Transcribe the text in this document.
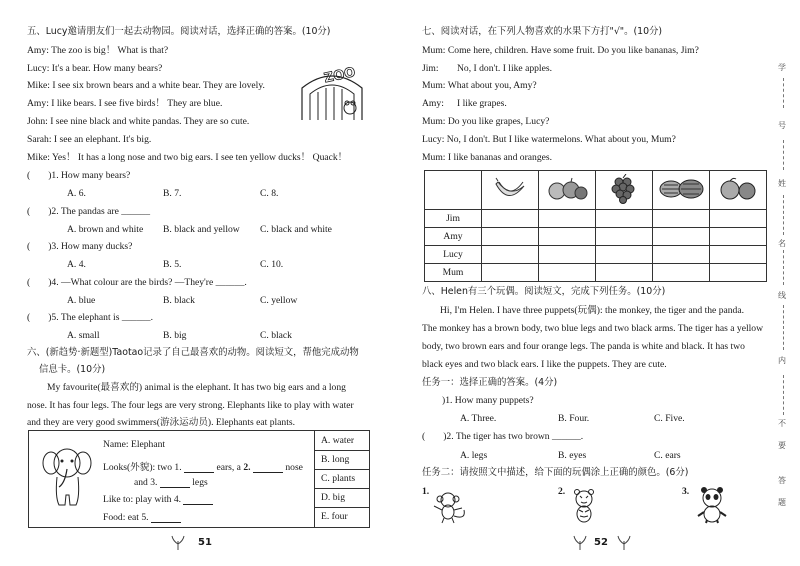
五、Lucy邀请朋友们一起去动物园。阅读对话，选择正确的答案。(10分)
Amy: The zoo is big！ What is that?
Lucy: It's a bear. How many bears?
Mike: I see six brown bears and a white bear. They are lovely.
Amy: I like bears. I see five birds！ They are blue.
John: I see nine black and white pandas. They are so cute.
Sarah: I see an elephant. It's big.
Mike: Yes！ It has a long nose and two big ears. I see ten yellow ducks！ Quack！
ZOO
( )1. How many bears?
A. 6.	B. 7.	C. 8.
( )2. The pandas are ______
A. brown and white B. black and yellow C. black and white
( )3. How many ducks?
A. 4.	B. 5.	C. 10.
( )4. —What colour are the birds? —They're ______.
A. blue	B. black	C. yellow
( )5. The elephant is ______.
A. small	B. big	C. black
六、(新趋势·新题型)Taotao记录了自己最喜欢的动物。阅读短文，帮他完成动物
信息卡。(10分)
My favourite(最喜欢的) animal is the elephant. It has two big ears and a long
nose. It has four legs. The four legs are very strong. Elephants like to play with water
and they are very good swimmers(游泳运动员). Elephants eat plants.
Name: Elephant
Looks(外貌): two 1.	ears, a 2.	nose
and 3.	legs
Like to: play with 4.
Food: eat 5.
A. water
B. long
C. plants
D. big
E. four
51
七、阅读对话，在下列人物喜欢的水果下方打"√"。(10分)
Mum: Come here, children. Have some fruit. Do you like bananas, Jim?
Jim: No, I don't. I like apples.
Mum: What about you, Amy?
Amy: I like grapes.
Mum: Do you like grapes, Lucy?
Lucy: No, I don't. But I like watermelons. What about you, Mum?
Mum: I like bananas and oranges.

Jim					
Amy					
Lucy					
Mum					
八、Helen有三个玩偶。阅读短文，完成下列任务。(10分)
Hi, I'm Helen. I have three puppets(玩偶): the monkey, the tiger and the panda.
The monkey has a brown body, two blue legs and two black arms. The tiger has a yellow
body, two brown ears and four orange legs. The panda is white and black. It has two
black eyes and two black ears. I like the puppets. They are cute.
任务一：选择正确的答案。(4分)
)1. How many puppets?
A. Three.	B. Four.	C. Five.
( )2. The tiger has two brown ______.
A. legs	B. eyes	C. ears
任务二：请按照文中描述，给下面的玩偶涂上正确的颜色。(6分)
1.	2.	3.
52
学
号
姓
名
线
内
不
要
答
题
